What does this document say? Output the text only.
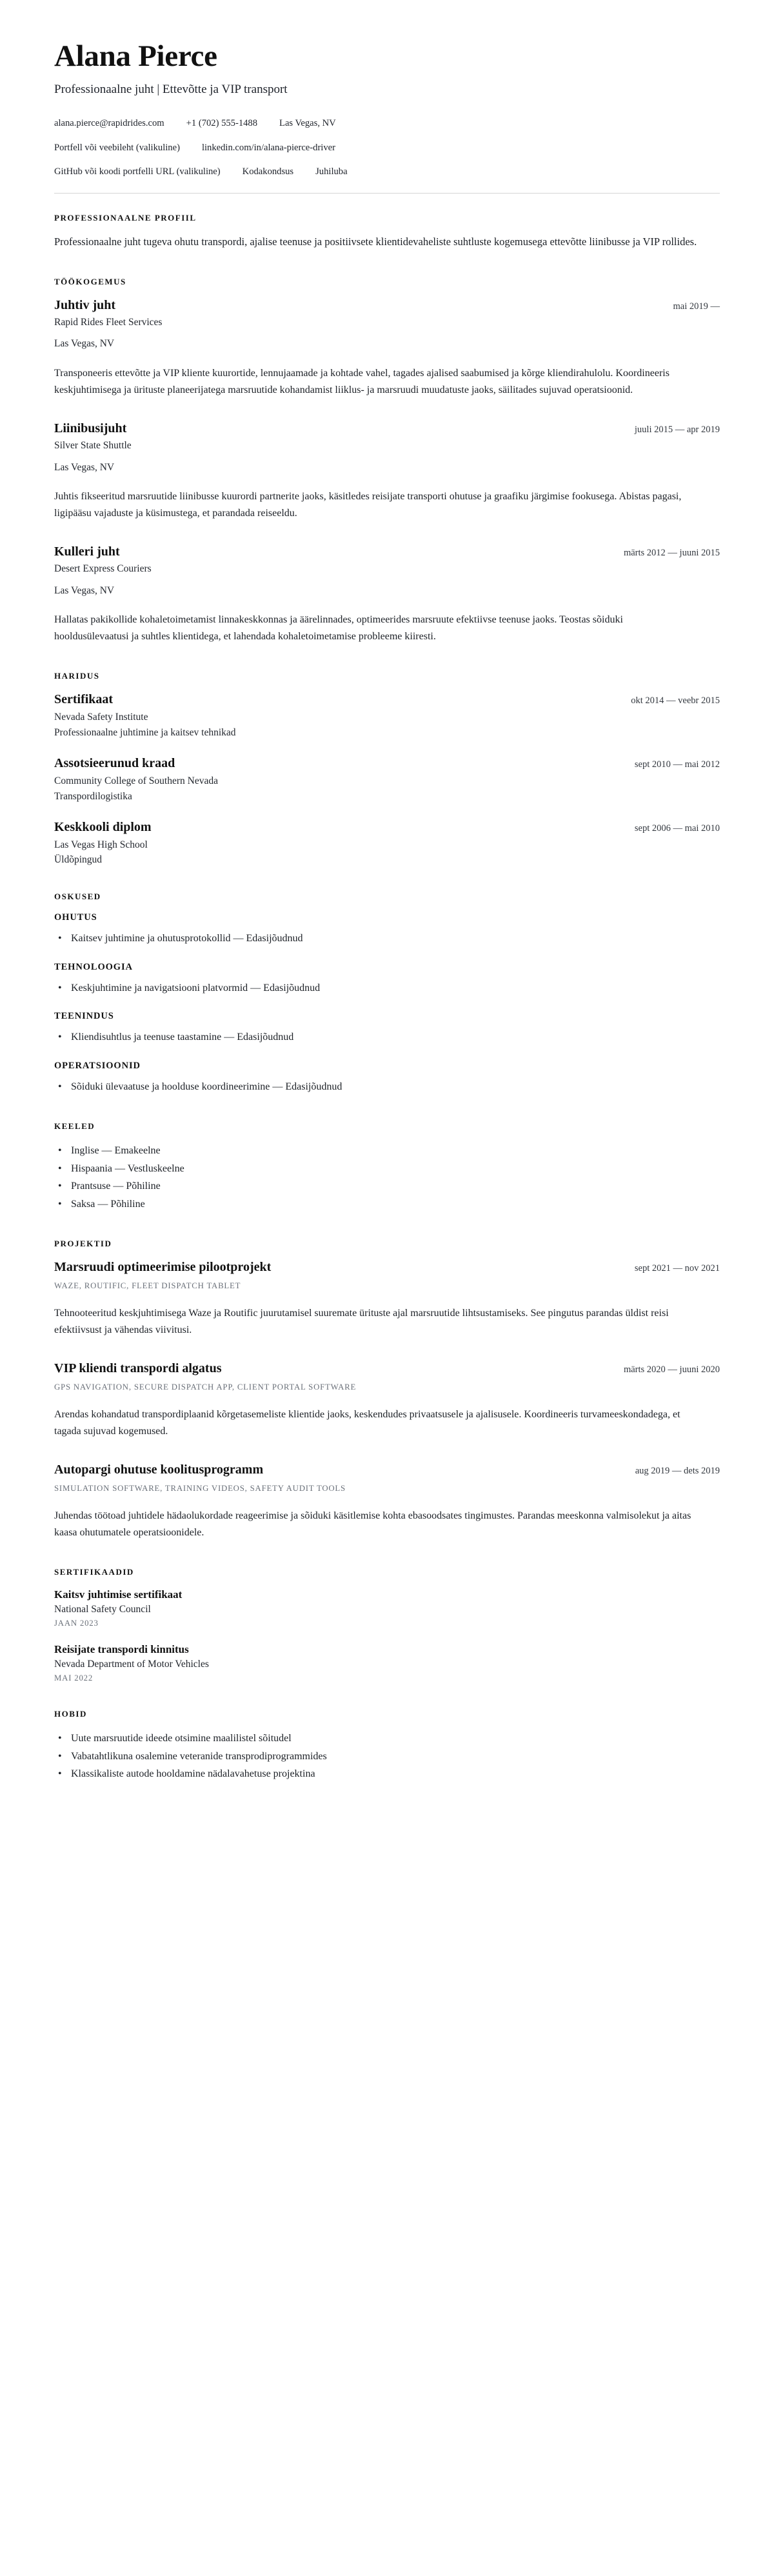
Alana Pierce
Professionaalne juht | Ettevõtte ja VIP transport
alana.pierce@rapidrides.com +1 (702) 555-1488 Las Vegas, NV
Portfell või veebileht (valikuline) linkedin.com/in/alana-pierce-driver
GitHub või koodi portfelli URL (valikuline) Kodakondsus Juhiluba
PROFESSIONAALNE PROFIIL

Professionaalne juht tugeva ohutu transpordi, ajalise teenuse ja positiivsete klientidevaheliste suhtluste kogemusega ettevõtte liinibusse ja VIP rollides.

TÖÖKOGEMUS
Juhtiv juht	mai 2019 —
Rapid Rides Fleet Services
Las Vegas, NV

Transponeeris ettevõtte ja VIP kliente kuurortide, lennujaamade ja kohtade vahel, tagades ajalised saabumised ja kõrge kliendirahulolu. Koordineeris keskjuhtimisega ja ürituste planeerijatega marsruutide kohandamist liiklus- ja marsruudi muudatuste jaoks, säilitades sujuvad operatsioonid.

Liinibusijuht	juuli 2015 — apr 2019
Silver State Shuttle
Las Vegas, NV

Juhtis fikseeritud marsruutide liinibusse kuurordi partnerite jaoks, käsitledes reisijate transporti ohutuse ja graafiku järgimise fookusega. Abistas pagasi, ligipääsu vajaduste ja küsimustega, et parandada reiseeldu.

Kulleri juht	märts 2012 — juuni 2015
Desert Express Couriers
Las Vegas, NV

Hallatas pakikollide kohaletoimetamist linnakeskkonnas ja äärelinnades, optimeerides marsruute efektiivse teenuse jaoks. Teostas sõiduki hooldusülevaatusi ja suhtles klientidega, et lahendada kohaletoimetamise probleeme kiiresti.

HARIDUS
Sertifikaat	okt 2014 — veebr 2015
Nevada Safety Institute
Professionaalne juhtimine ja kaitsev tehnikad
Assotsieerunud kraad	sept 2010 — mai 2012
Community College of Southern Nevada
Transpordilogistika
Keskkooli diplom	sept 2006 — mai 2010
Las Vegas High School
Üldõpingud
OSKUSED
OHUTUS
• Kaitsev juhtimine ja ohutusprotokollid — Edasijõudnud
TEHNOLOOGIA
• Keskjuhtimine ja navigatsiooni platvormid — Edasijõudnud
TEENINDUS
• Kliendisuhtlus ja teenuse taastamine — Edasijõudnud
OPERATSIOONID
• Sõiduki ülevaatuse ja hoolduse koordineerimine — Edasijõudnud
KEELED
• Inglise — Emakeelne
• Hispaania — Vestluskeelne
• Prantsuse — Põhiline
• Saksa — Põhiline
PROJEKTID
Marsruudi optimeerimise pilootprojekt	sept 2021 — nov 2021
WAZE, ROUTIFIC, FLEET DISPATCH TABLET

Tehnooteeritud keskjuhtimisega Waze ja Routific juurutamisel suuremate ürituste ajal marsruutide lihtsustamiseks. See pingutus parandas üldist reisi efektiivsust ja vähendas viivitusi.

VIP kliendi transpordi algatus	märts 2020 — juuni 2020
GPS NAVIGATION, SECURE DISPATCH APP, CLIENT PORTAL SOFTWARE

Arendas kohandatud transpordiplaanid kõrgetasemeliste klientide jaoks, keskendudes privaatsusele ja ajalisusele. Koordineeris turvameeskondadega, et tagada sujuvad kogemused.

Autopargi ohutuse koolitusprogramm	aug 2019 — dets 2019
SIMULATION SOFTWARE, TRAINING VIDEOS, SAFETY AUDIT TOOLS

Juhendas töötoad juhtidele hädaolukordade reageerimise ja sõiduki käsitlemise kohta ebasoodsates tingimustes. Parandas meeskonna valmisolekut ja aitas kaasa ohutumatele operatsioonidele.

SERTIFIKAADID
Kaitsv juhtimise sertifikaat
National Safety Council
JAAN 2023
Reisijate transpordi kinnitus
Nevada Department of Motor Vehicles
MAI 2022
HOBID
• Uute marsruutide ideede otsimine maalilistel sõitudel
• Vabatahtlikuna osalemine veteranide transprodiprogrammides
• Klassikaliste autode hooldamine nädalavahetuse projektina
